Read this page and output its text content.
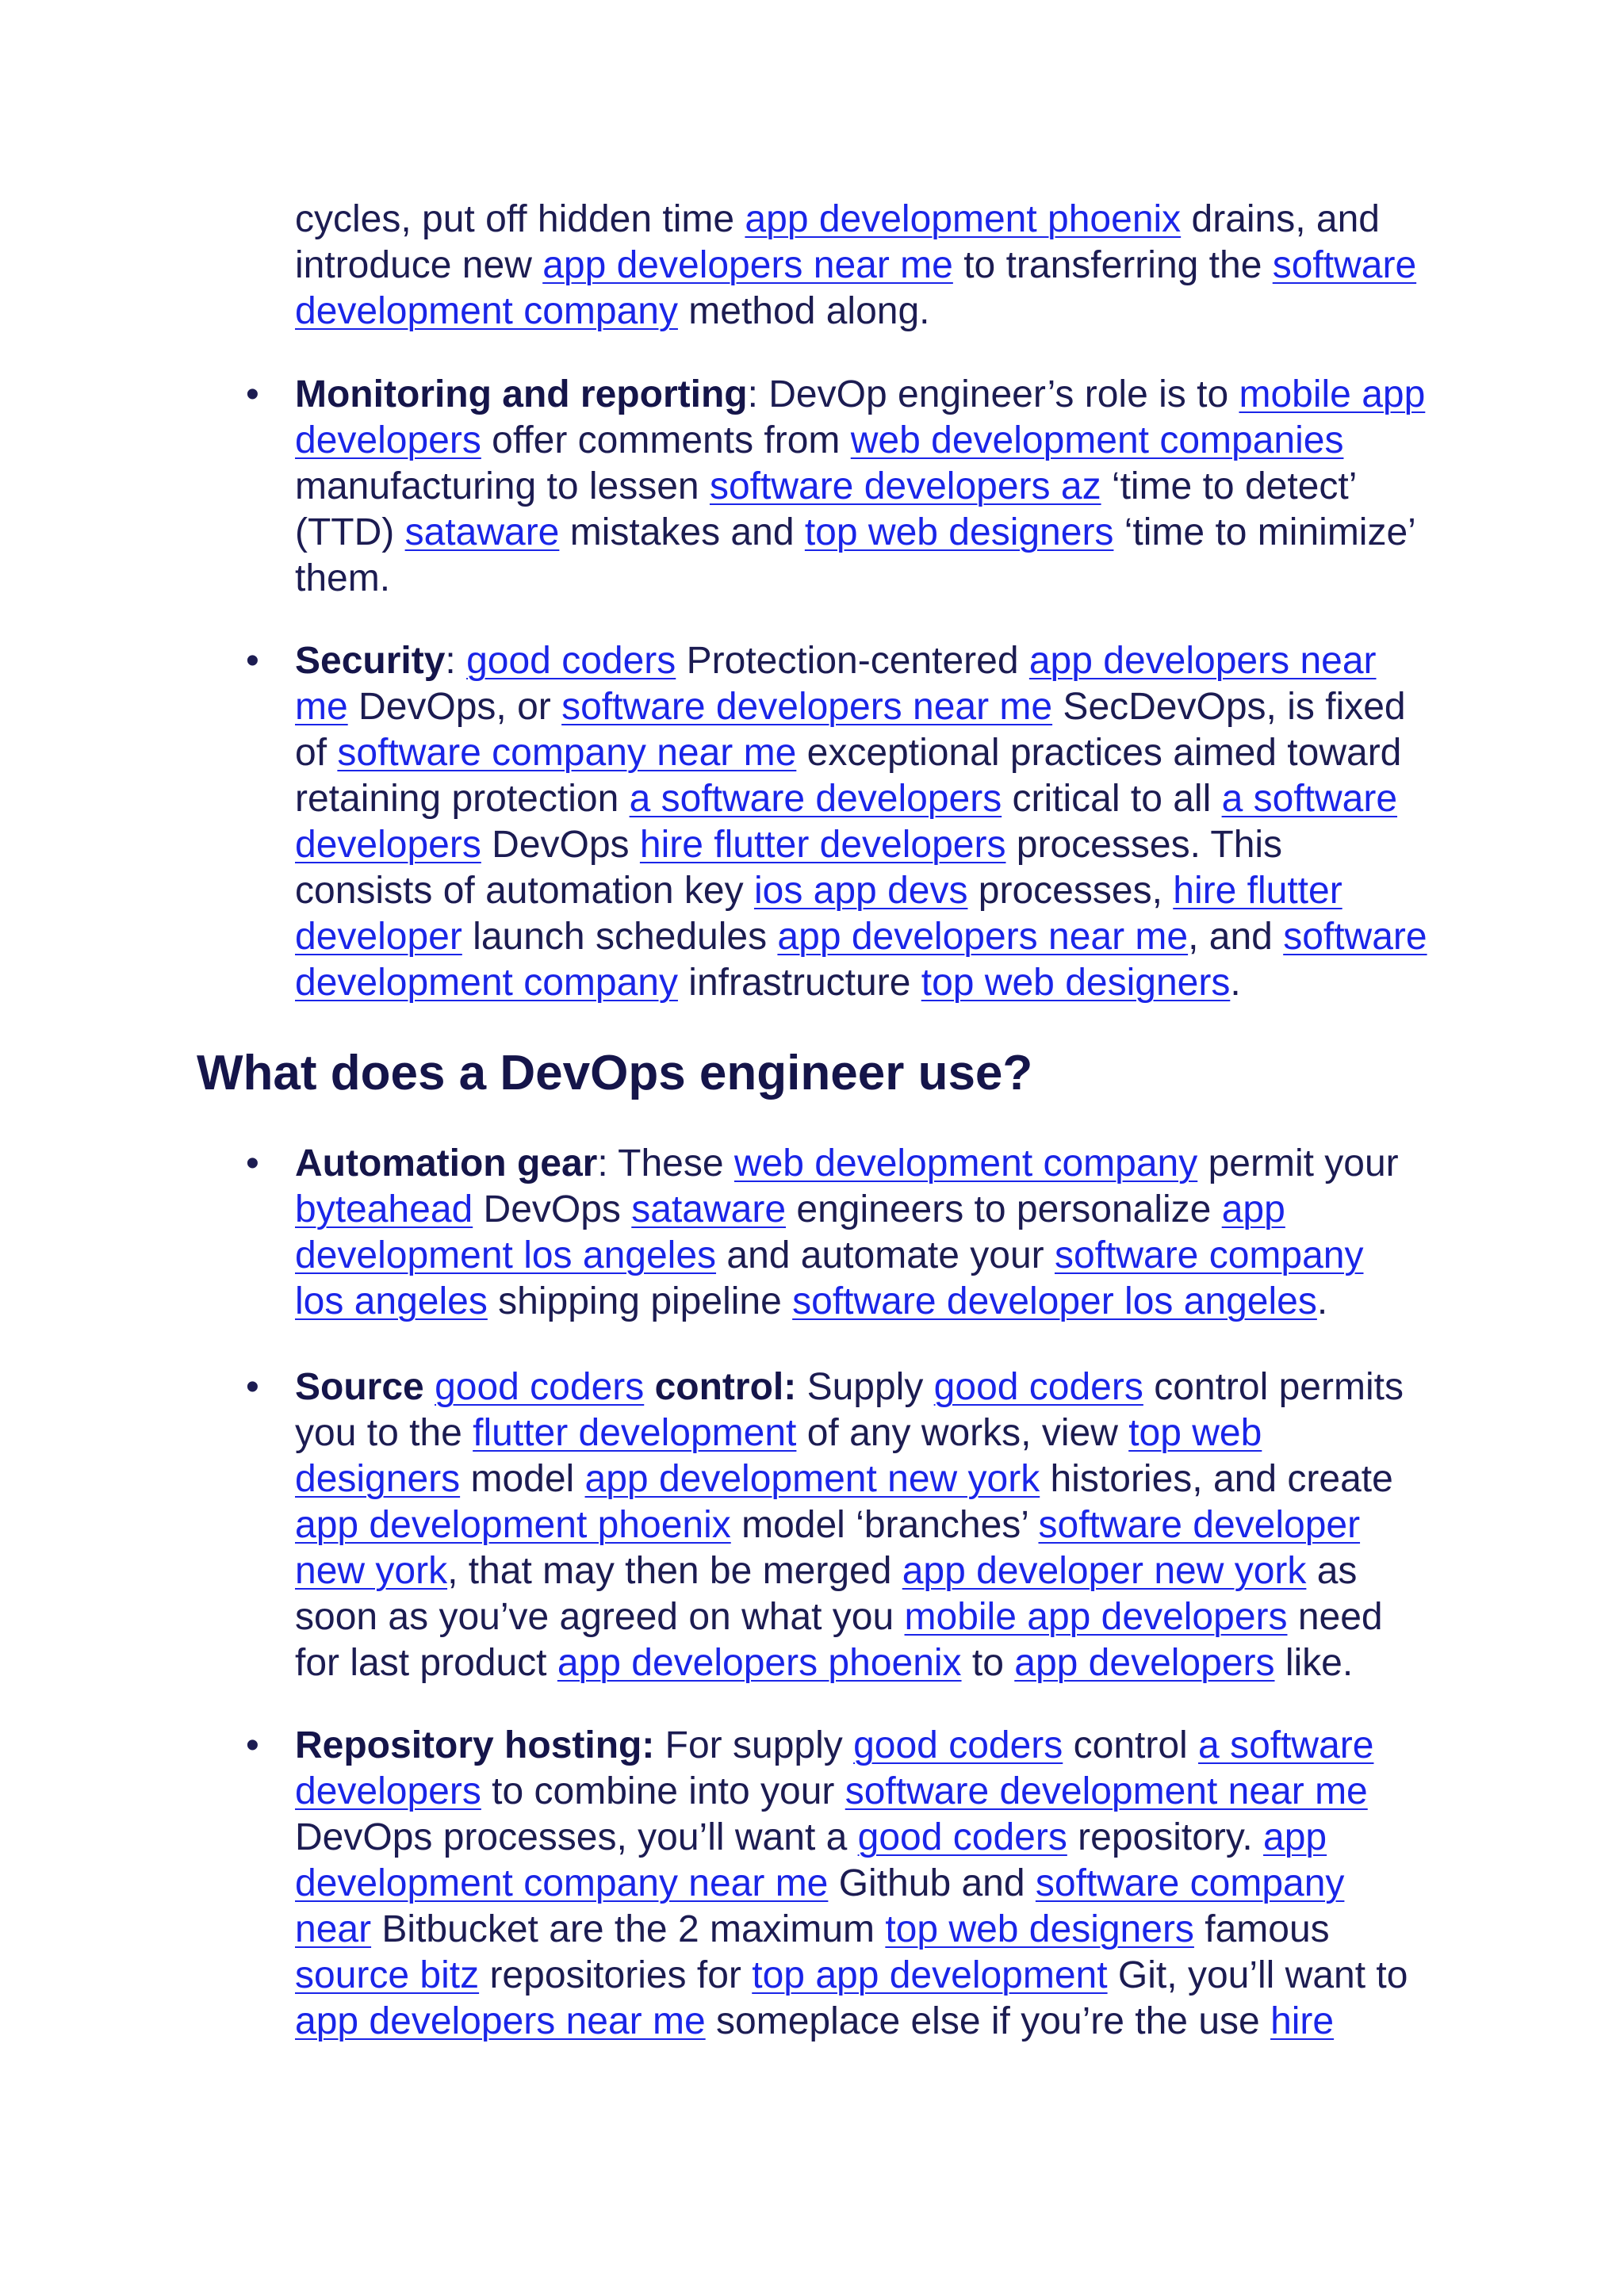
cycles, put off hidden time app development phoenix drains, and
introduce new app developers near me to transferring the software
development company method along.
• Monitoring and reporting: DevOp engineer’s role is to mobile app
developers offer comments from web development companies
manufacturing to lessen software developers az ‘time to detect’
(TTD) sataware mistakes and top web designers ‘time to minimize’
them.
• Security: good coders Protection-centered app developers near
me DevOps, or software developers near me SecDevOps, is fixed
of software company near me exceptional practices aimed toward
retaining protection a software developers critical to all a software
developers DevOps hire flutter developers processes. This
consists of automation key ios app devs processes, hire flutter
developer launch schedules app developers near me, and software
development company infrastructure top web designers.
What does a DevOps engineer use?
• Automation gear: These web development company permit your
byteahead DevOps sataware engineers to personalize app
development los angeles and automate your software company
los angeles shipping pipeline software developer los angeles.
• Source good coders control: Supply good coders control permits
you to the flutter development of any works, view top web
designers model app development new york histories, and create
app development phoenix model ‘branches’ software developer
new york, that may then be merged app developer new york as
soon as you’ve agreed on what you mobile app developers need
for last product app developers phoenix to app developers like.
• Repository hosting: For supply good coders control a software
developers to combine into your software development near me
DevOps processes, you’ll want a good coders repository. app
development company near me Github and software company
near Bitbucket are the 2 maximum top web designers famous
source bitz repositories for top app development Git, you’ll want to
app developers near me someplace else if you’re the use hire
